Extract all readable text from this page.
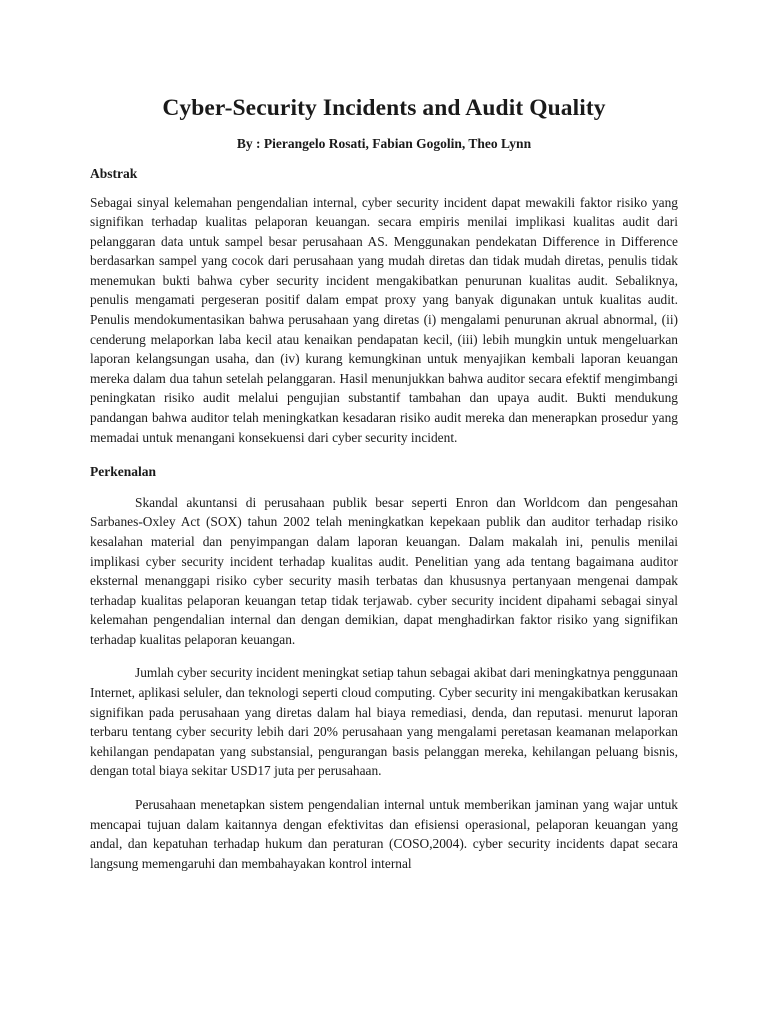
Cyber-Security Incidents and Audit Quality

By : Pierangelo Rosati, Fabian Gogolin, Theo Lynn

Abstrak

Sebagai sinyal kelemahan pengendalian internal, cyber security incident dapat mewakili faktor risiko yang signifikan terhadap kualitas pelaporan keuangan. secara empiris menilai implikasi kualitas audit dari pelanggaran data untuk sampel besar perusahaan AS. Menggunakan pendekatan Difference in Difference berdasarkan sampel yang cocok dari perusahaan yang mudah diretas dan tidak mudah diretas, penulis tidak menemukan bukti bahwa cyber security incident mengakibatkan penurunan kualitas audit. Sebaliknya, penulis mengamati pergeseran positif dalam empat proxy yang banyak digunakan untuk kualitas audit. Penulis mendokumentasikan bahwa perusahaan yang diretas (i) mengalami penurunan akrual abnormal, (ii) cenderung melaporkan laba kecil atau kenaikan pendapatan kecil, (iii) lebih mungkin untuk mengeluarkan laporan kelangsungan usaha, dan (iv) kurang kemungkinan untuk menyajikan kembali laporan keuangan mereka dalam dua tahun setelah pelanggaran. Hasil menunjukkan bahwa auditor secara efektif mengimbangi peningkatan risiko audit melalui pengujian substantif tambahan dan upaya audit. Bukti mendukung pandangan bahwa auditor telah meningkatkan kesadaran risiko audit mereka dan menerapkan prosedur yang memadai untuk menangani konsekuensi dari cyber security incident.

Perkenalan

Skandal akuntansi di perusahaan publik besar seperti Enron dan Worldcom dan pengesahan Sarbanes-Oxley Act (SOX) tahun 2002 telah meningkatkan kepekaan publik dan auditor terhadap risiko kesalahan material dan penyimpangan dalam laporan keuangan. Dalam makalah ini, penulis menilai implikasi cyber security incident terhadap kualitas audit. Penelitian yang ada tentang bagaimana auditor eksternal menanggapi risiko cyber security masih terbatas dan khususnya pertanyaan mengenai dampak terhadap kualitas pelaporan keuangan tetap tidak terjawab. cyber security incident dipahami sebagai sinyal kelemahan pengendalian internal dan dengan demikian, dapat menghadirkan faktor risiko yang signifikan terhadap kualitas pelaporan keuangan.

Jumlah cyber security incident meningkat setiap tahun sebagai akibat dari meningkatnya penggunaan Internet, aplikasi seluler, dan teknologi seperti cloud computing. Cyber security ini mengakibatkan kerusakan signifikan pada perusahaan yang diretas dalam hal biaya remediasi, denda, dan reputasi. menurut laporan terbaru tentang cyber security lebih dari 20% perusahaan yang mengalami peretasan keamanan melaporkan kehilangan pendapatan yang substansial, pengurangan basis pelanggan mereka, kehilangan peluang bisnis, dengan total biaya sekitar USD17 juta per perusahaan.

Perusahaan menetapkan sistem pengendalian internal untuk memberikan jaminan yang wajar untuk mencapai tujuan dalam kaitannya dengan efektivitas dan efisiensi operasional, pelaporan keuangan yang andal, dan kepatuhan terhadap hukum dan peraturan (COSO,2004). cyber security incidents dapat secara langsung memengaruhi dan membahayakan kontrol internal
